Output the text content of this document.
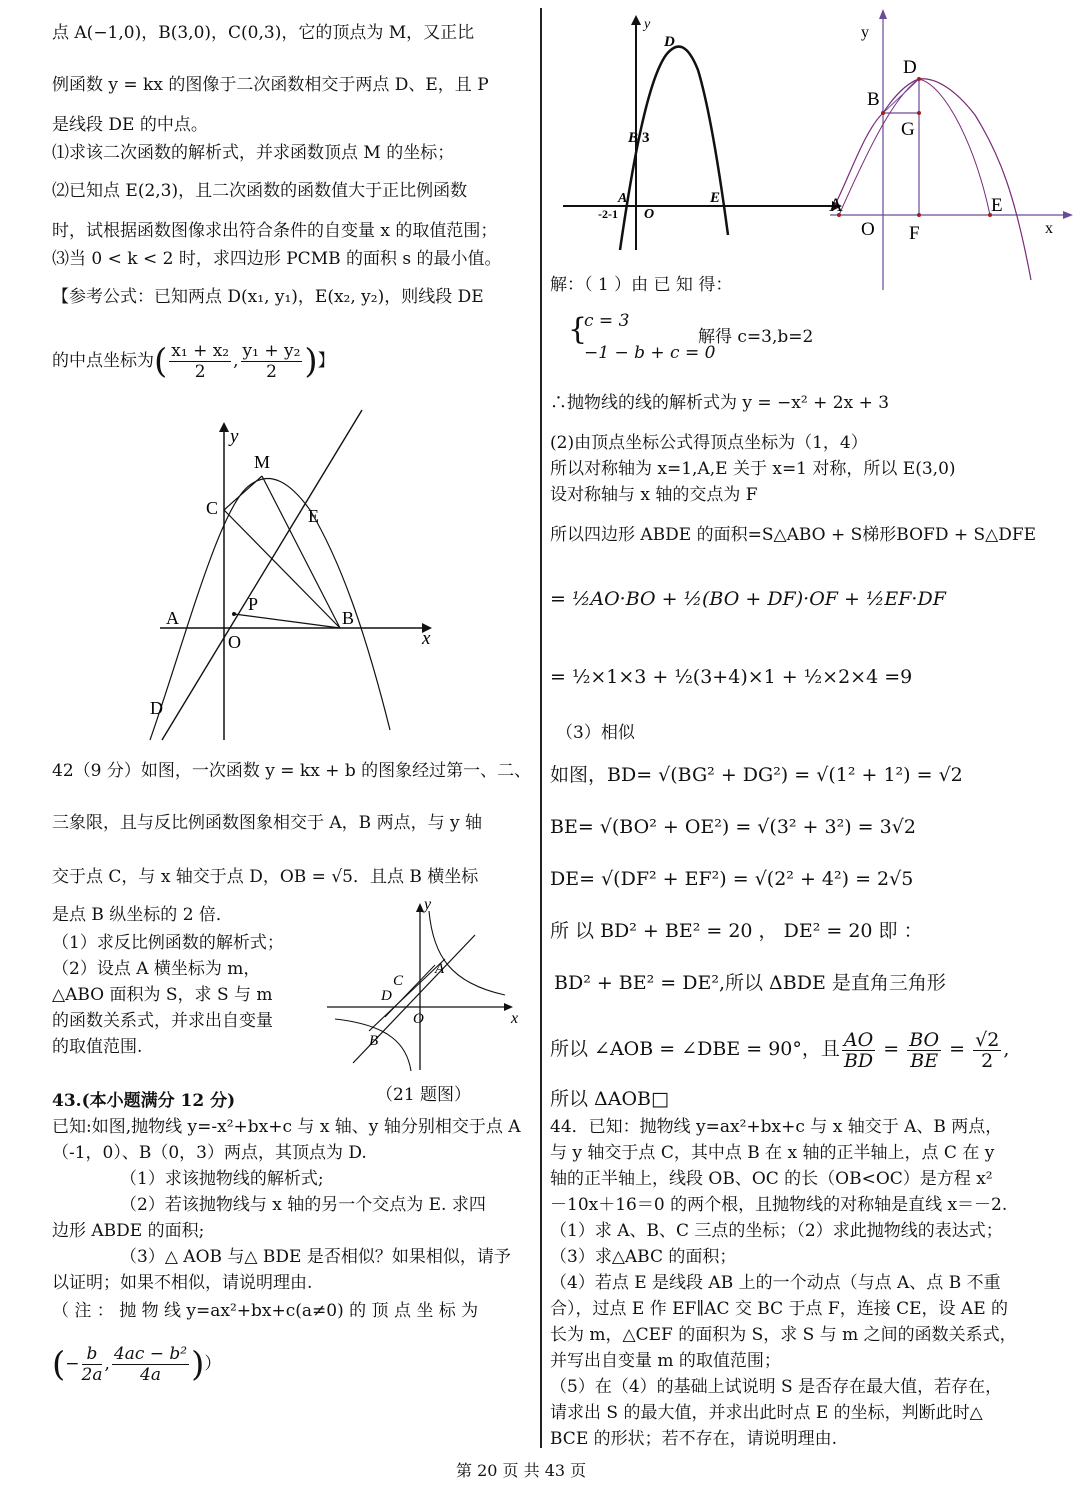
点 A(−1,0)，B(3,0)，C(0,3)，它的顶点为 M，又正比
例函数 y = kx 的图像于二次函数相交于两点 D、E，且 P
是线段 DE 的中点。
⑴求该二次函数的解析式，并求函数顶点 M 的坐标；
⑵已知点 E(2,3)，且二次函数的函数值大于正比例函数
时，试根据函数图像求出符合条件的自变量 x 的取值范围；
⑶当 0 < k < 2 时，求四边形 PCMB 的面积 s 的最小值。
【参考公式：已知两点 D(x₁, y₁)，E(x₂, y₂)，则线段 DE
的中点坐标为( $\frac{\text{x₁ + x₂}}{2}$ , $\frac{\text{y₁ + y₂}}{2}$ )】
y
x
M
C	E
P
A
O
B
D
42（9 分）如图，一次函数 y = kx + b 的图象经过第一、二、
三象限，且与反比例函数图象相交于 A，B 两点，与 y 轴
交于点 C，与 x 轴交于点 D，OB = √5．且点 B 横坐标
是点 B 纵坐标的 2 倍．
（1）求反比例函数的解析式；
（2）设点 A 横坐标为 m，
△ABO 面积为 S，求 S 与 m
的函数关系式，并求出自变量
的取值范围.
y
x
A
C
D
O
B
（21 题图）
43.(本小题满分 12 分)
已知:如图,抛物线 y=-x²+bx+c 与 x 轴、y 轴分别相交于点 A
（-1，0）、B（0，3）两点，其顶点为 D.
（1）求该抛物线的解析式;
（2）若该抛物线与 x 轴的另一个交点为 E. 求四
边形 ABDE 的面积;
（3）△ AOB 与△ BDE 是否相似？如果相似，请予
以证明；如果不相似，请说明理由.
（ 注 ： 抛 物 线 y=ax²+bx+c(a≠0) 的 顶 点 坐 标 为
(− $\frac{b}{2a}$ , $\frac{\text{4ac − b²}}{4a}$ )）
y
D
B 3
A
-2-1 O
E
y
D
B
G
A	E
O F	x
解：（ 1 ）由 已 知 得：
{
c = 3
−1 − b + c = 0
解得 c=3,b=2
∴抛物线的线的解析式为 y = −x² + 2x + 3
(2)由顶点坐标公式得顶点坐标为（1，4）
所以对称轴为 x=1,A,E 关于 x=1 对称，所以 E(3,0)
设对称轴与 x 轴的交点为 F
所以四边形 ABDE 的面积=S△ABO + S梯形BOFD + S△DFE
= ½AO·BO + ½(BO + DF)·OF + ½EF·DF
= ½×1×3 + ½(3+4)×1 + ½×2×4 =9
（3）相似
如图，BD= √(BG² + DG²) = √(1² + 1²) = √2
BE= √(BO² + OE²) = √(3² + 3²) = 3√2
DE= √(DF² + EF²) = √(2² + 4²) = 2√5
所 以 BD² + BE² = 20 ， DE² = 20 即 ：
BD² + BE² = DE²,所以 ΔBDE 是直角三角形
所以 ∠AOB = ∠DBE = 90°，且 $\frac{AO}{BD} = \frac{BO}{BE} = \frac{√2}{2}$ ,
所以 ΔAOB□
44．已知：抛物线 y=ax²+bx+c 与 x 轴交于 A、B 两点，
与 y 轴交于点 C，其中点 B 在 x 轴的正半轴上，点 C 在 y
轴的正半轴上，线段 OB、OC 的长（OB<OC）是方程 x²
－10x＋16＝0 的两个根，且抛物线的对称轴是直线 x＝－2.
（1）求 A、B、C 三点的坐标；（2）求此抛物线的表达式；
（3）求△ABC 的面积；
（4）若点 E 是线段 AB 上的一个动点（与点 A、点 B 不重
合），过点 E 作 EF∥AC 交 BC 于点 F，连接 CE，设 AE 的
长为 m，△CEF 的面积为 S，求 S 与 m 之间的函数关系式，
并写出自变量 m 的取值范围；
（5）在（4）的基础上试说明 S 是否存在最大值，若存在，
请求出 S 的最大值，并求出此时点 E 的坐标，判断此时△
BCE 的形状；若不存在，请说明理由.
第 20 页 共 43 页
